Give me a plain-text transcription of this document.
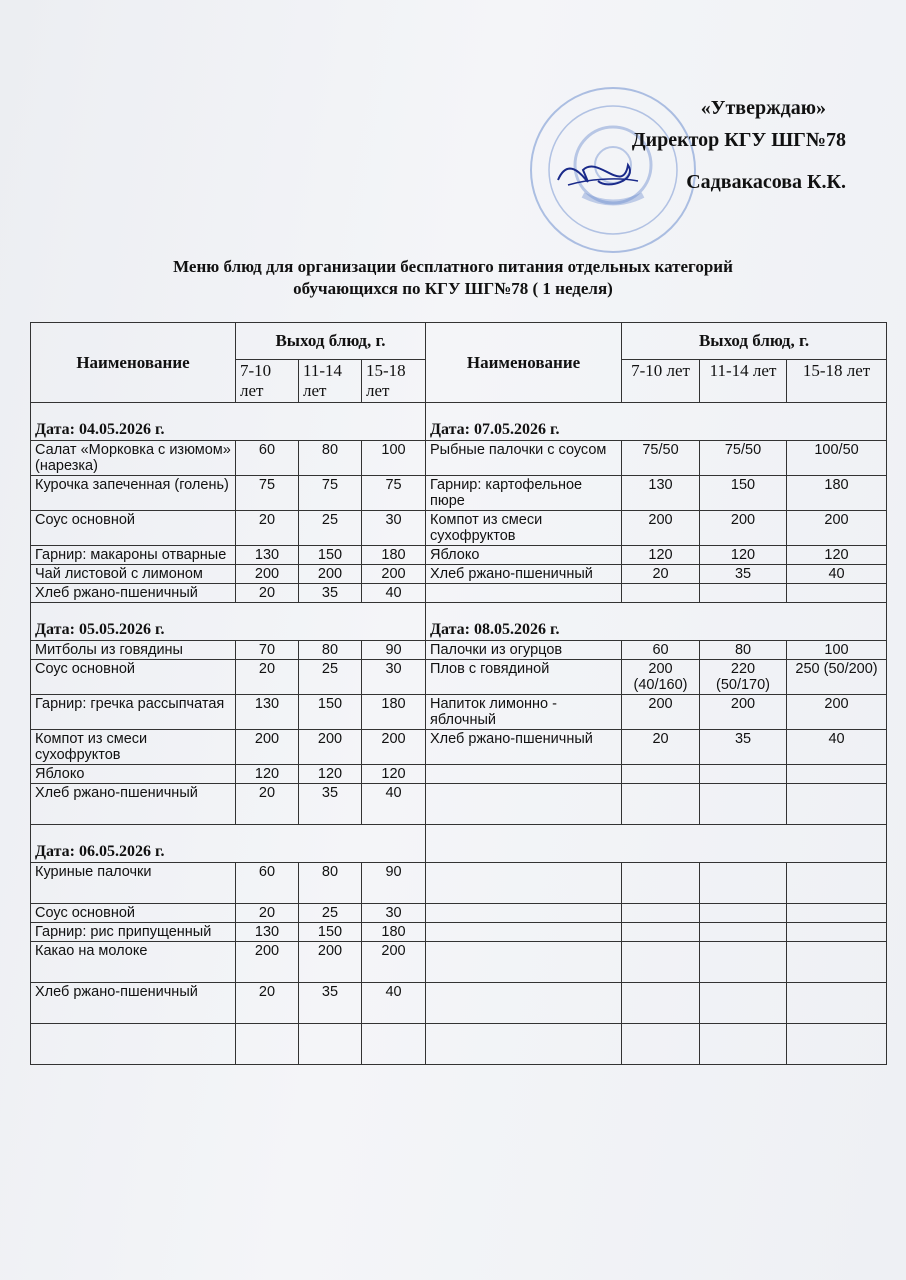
«Утверждаю»
Директор КГУ ШГ№78
Садвакасова К.К.
Меню блюд для организации бесплатного питания отдельных категорий
обучающихся по КГУ ШГ№78 ( 1 неделя)
Наименование	Выход блюд, г.			Наименование	Выход блюд, г.		
	7-10 лет	11-14 лет	15-18 лет		7-10 лет	11-14 лет	15-18 лет
Дата: 04.05.2026 г.				Дата: 07.05.2026 г.			
Салат «Морковка с изюмом» (нарезка)	60	80	100	Рыбные палочки с соусом	75/50	75/50	100/50
Курочка запеченная (голень)	75	75	75	Гарнир: картофельное пюре	130	150	180
Соус основной	20	25	30	Компот из смеси сухофруктов	200	200	200
Гарнир: макароны отварные	130	150	180	Яблоко	120	120	120
Чай листовой с лимоном	200	200	200	Хлеб ржано-пшеничный	20	35	40
Хлеб ржано-пшеничный	20	35	40				
Дата: 05.05.2026 г.				Дата: 08.05.2026 г.			
Митболы из говядины	70	80	90	Палочки из огурцов	60	80	100
Соус основной	20	25	30	Плов с говядиной	200 (40/160)	220 (50/170)	250 (50/200)
Гарнир: гречка рассыпчатая	130	150	180	Напиток лимонно - яблочный	200	200	200
Компот из смеси сухофруктов	200	200	200	Хлеб ржано-пшеничный	20	35	40
Яблоко	120	120	120				
Хлеб ржано-пшеничный	20	35	40				
Дата: 06.05.2026 г.							
Куриные палочки	60	80	90				
Соус основной	20	25	30				
Гарнир: рис припущенный	130	150	180				
Какао на молоке	200	200	200				
Хлеб ржано-пшеничный	20	35	40				
